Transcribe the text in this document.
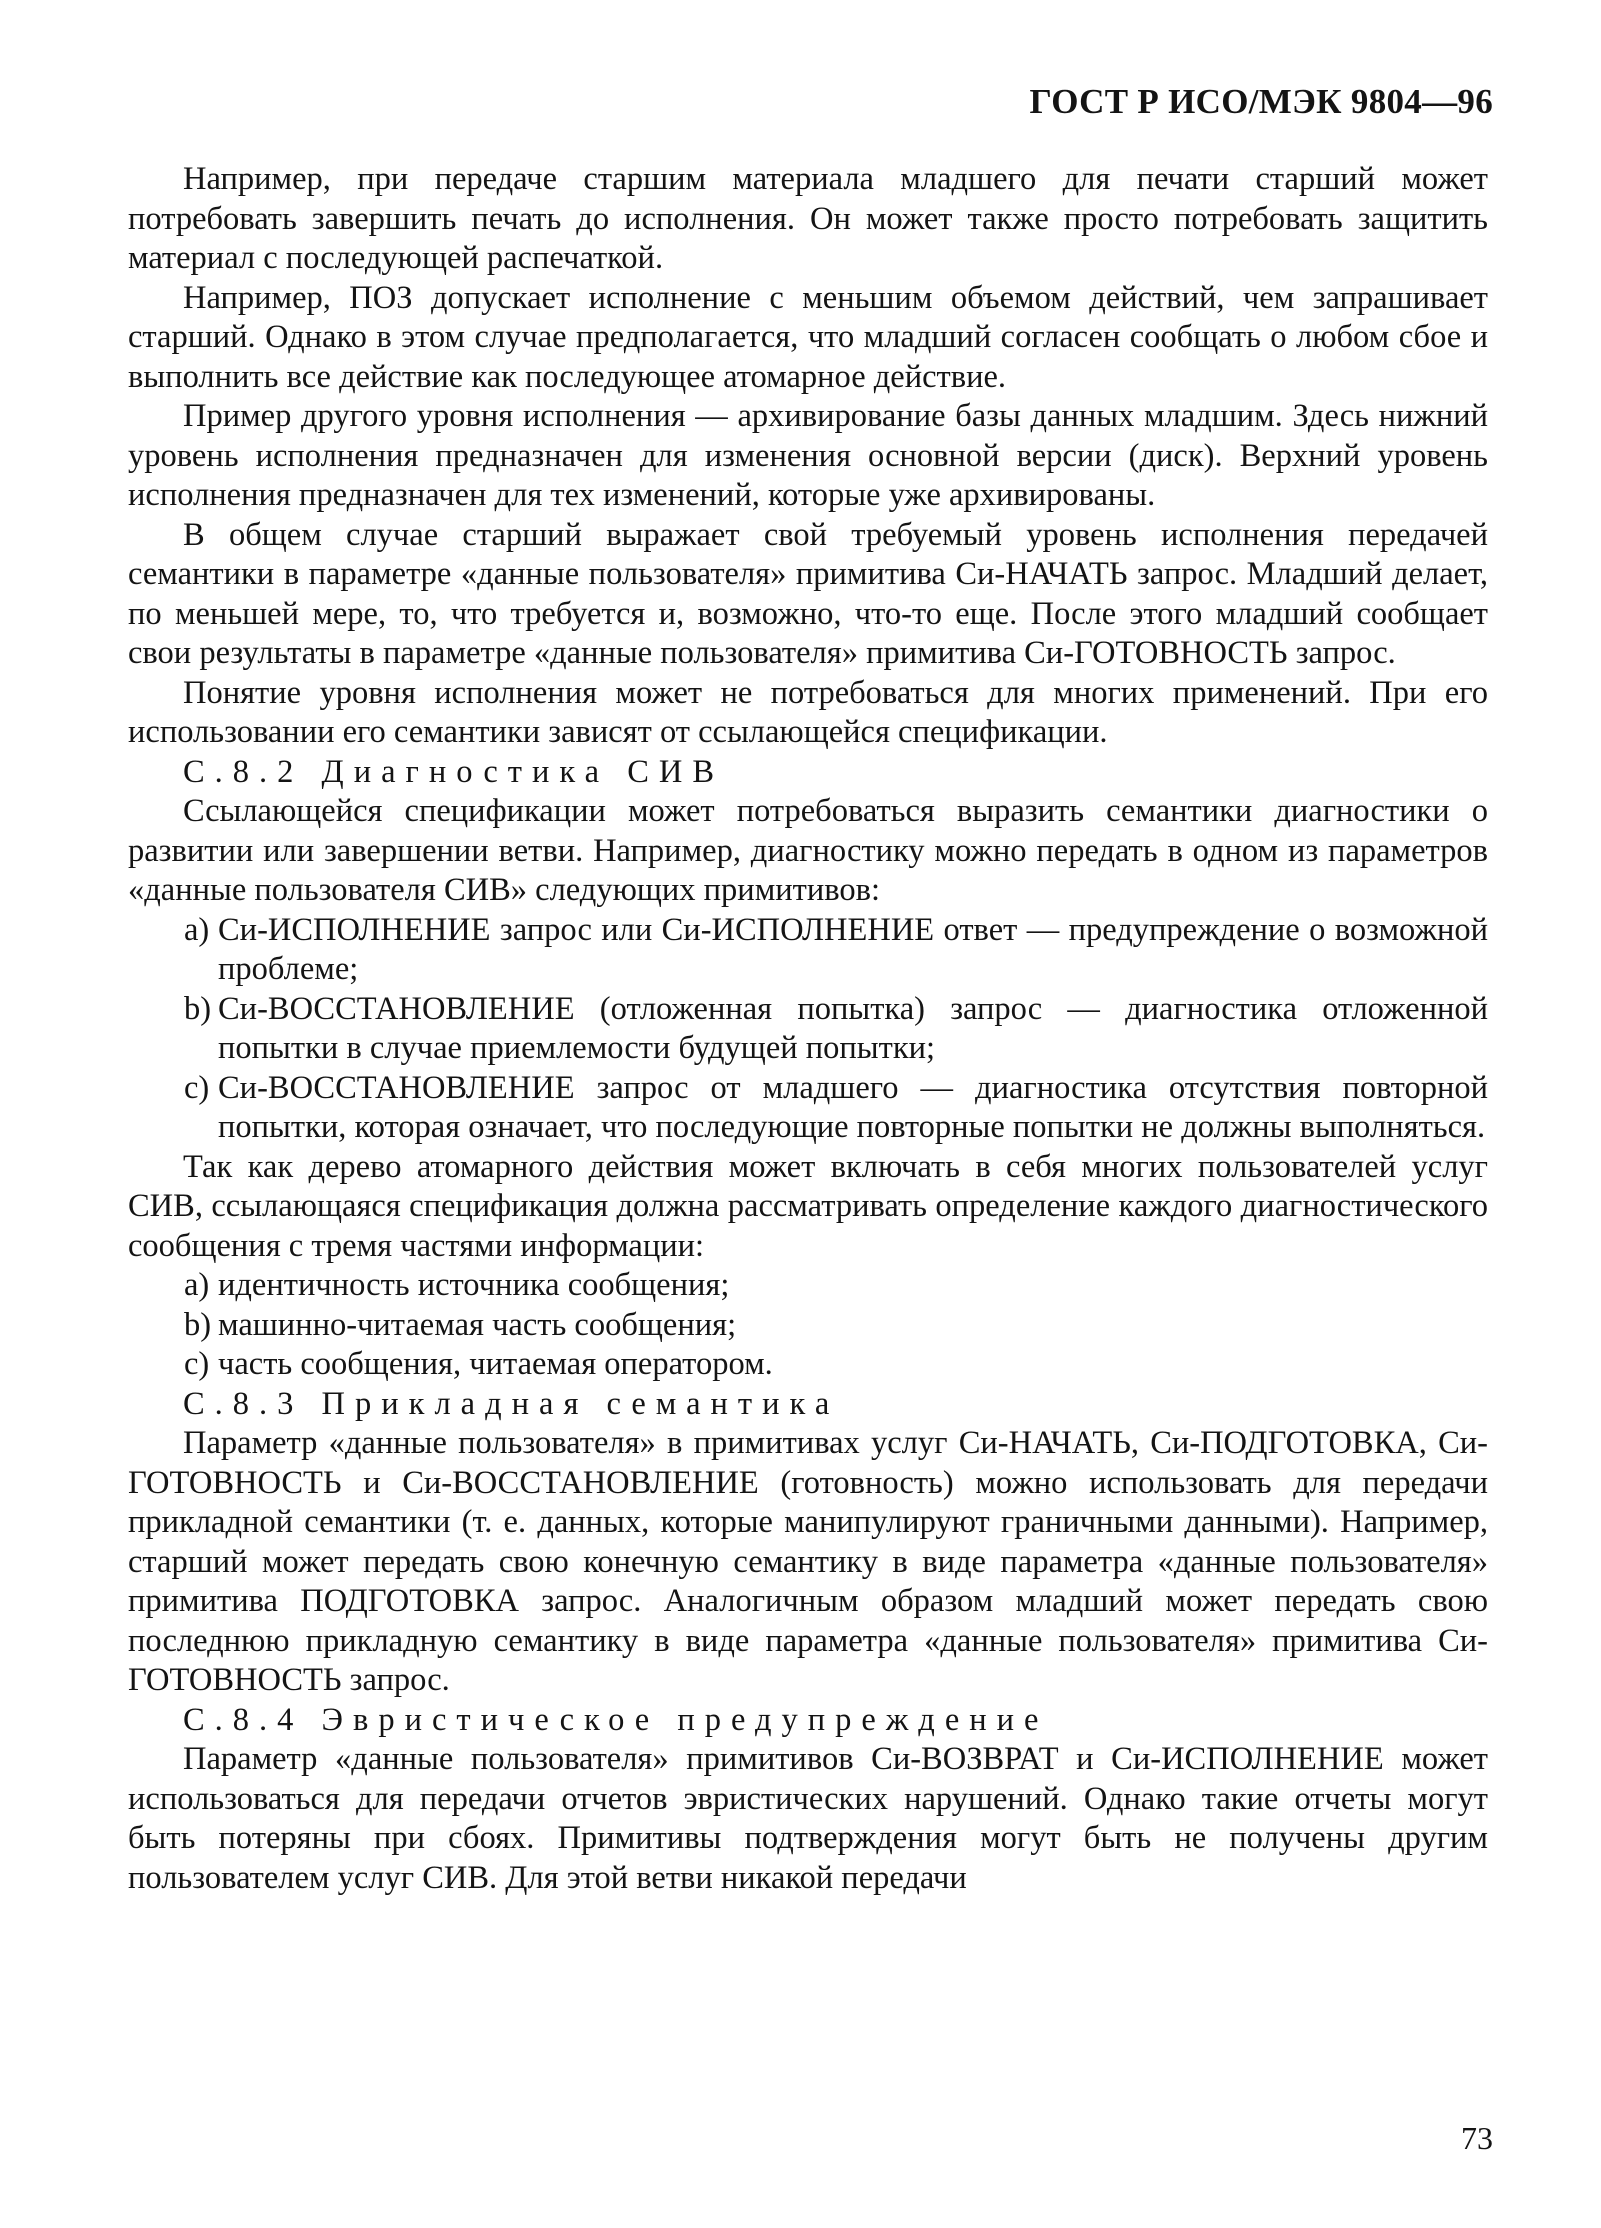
ГОСТ Р ИСО/МЭК 9804—96

Например, при передаче старшим материала младшего для печати старший может потребовать завершить печать до исполнения. Он может также просто потребовать защитить материал с последующей распечаткой.

Например, ПОЗ допускает исполнение с меньшим объемом действий, чем запрашивает старший. Однако в этом случае предполагается, что младший согласен сообщать о любом сбое и выполнить все действие как последующее атомарное действие.

Пример другого уровня исполнения — архивирование базы данных младшим. Здесь нижний уровень исполнения предназначен для изменения основной версии (диск). Верхний уровень исполнения предназначен для тех изменений, которые уже архивированы.

В общем случае старший выражает свой требуемый уровень исполнения передачей семантики в параметре «данные пользователя» примитива Си-НАЧАТЬ запрос. Младший делает, по меньшей мере, то, что требуется и, возможно, что-то еще. После этого младший сообщает свои результаты в параметре «данные пользователя» примитива Си-ГОТОВНОСТЬ запрос.

Понятие уровня исполнения может не потребоваться для многих применений. При его использовании его семантики зависят от ссылающейся спецификации.

С.8.2 Диагностика СИВ

Ссылающейся спецификации может потребоваться выразить семантики диагностики о развитии или завершении ветви. Например, диагностику можно передать в одном из параметров «данные пользователя СИВ» следующих примитивов:

а) Си-ИСПОЛНЕНИЕ запрос или Си-ИСПОЛНЕНИЕ ответ — предупреждение о возможной проблеме;

b) Си-ВОССТАНОВЛЕНИЕ (отложенная попытка) запрос — диагностика отложенной попытки в случае приемлемости будущей попытки;

с) Си-ВОССТАНОВЛЕНИЕ запрос от младшего — диагностика отсутствия повторной попытки, которая означает, что последующие повторные попытки не должны выполняться.

Так как дерево атомарного действия может включать в себя многих пользователей услуг СИВ, ссылающаяся спецификация должна рассматривать определение каждого диагностического сообщения с тремя частями информации:

а) идентичность источника сообщения;

b) машинно-читаемая часть сообщения;

с) часть сообщения, читаемая оператором.

С.8.3 Прикладная семантика

Параметр «данные пользователя» в примитивах услуг Си-НАЧАТЬ, Си-ПОДГОТОВКА, Си-ГОТОВНОСТЬ и Си-ВОССТАНОВЛЕНИЕ (готовность) можно использовать для передачи прикладной семантики (т. е. данных, которые манипулируют граничными данными). Например, старший может передать свою конечную семантику в виде параметра «данные пользователя» примитива ПОДГОТОВКА запрос. Аналогичным образом младший может передать свою последнюю прикладную семантику в виде параметра «данные пользователя» примитива Си-ГОТОВНОСТЬ запрос.

С.8.4 Эвристическое предупреждение

Параметр «данные пользователя» примитивов Си-ВОЗВРАТ и Си-ИСПОЛНЕНИЕ может использоваться для передачи отчетов эвристических нарушений. Однако такие отчеты могут быть потеряны при сбоях. Примитивы подтверждения могут быть не получены другим пользователем услуг СИВ. Для этой ветви никакой передачи

73
